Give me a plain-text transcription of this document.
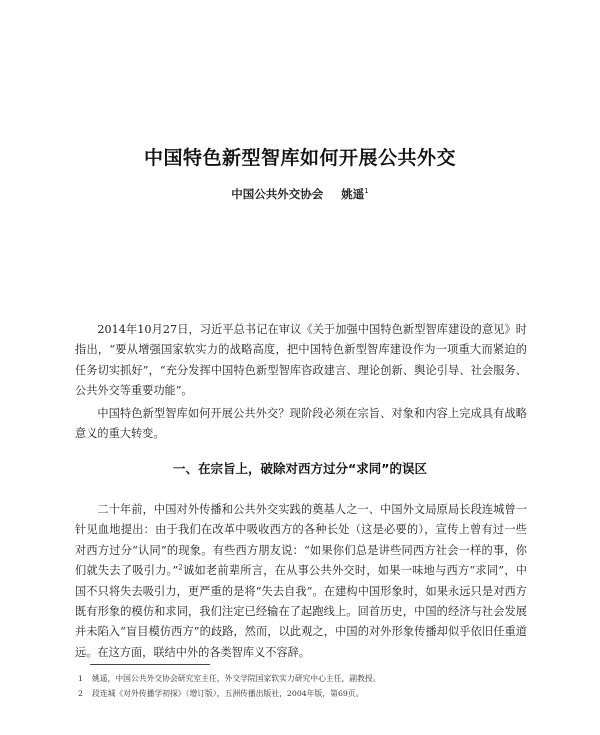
中国特色新型智库如何开展公共外交
中国公共外交协会 姚遥$^1$

2014年10月27日，习近平总书记在审议《关于加强中国特色新型智库建设的意见》时指出，“要从增强国家软实力的战略高度，把中国特色新型智库建设作为一项重大而紧迫的任务切实抓好”，“充分发挥中国特色新型智库咨政建言、理论创新、舆论引导、社会服务、公共外交等重要功能”。

中国特色新型智库如何开展公共外交？现阶段必须在宗旨、对象和内容上完成具有战略意义的重大转变。

一、在宗旨上，破除对西方过分“求同”的误区

二十年前，中国对外传播和公共外交实践的奠基人之一、中国外文局原局长段连城曾一针见血地提出：由于我们在改革中吸收西方的各种长处（这是必要的），宣传上曾有过一些对西方过分“认同”的现象。有些西方朋友说：“如果你们总是讲些同西方社会一样的事，你们就失去了吸引力。”$^2$诚如老前辈所言，在从事公共外交时，如果一味地与西方“求同”，中国不只将失去吸引力，更严重的是将“失去自我”。在建构中国形象时，如果永远只是对西方既有形象的模仿和求同，我们注定已经输在了起跑线上。回首历史，中国的经济与社会发展并未陷入“盲目模仿西方”的歧路，然而，以此观之，中国的对外形象传播却似乎依旧任重道远。在这方面，联结中外的各类智库义不容辞。

1 姚遥，中国公共外交协会研究室主任，外交学院国家软实力研究中心主任，副教授。
2 段连城《对外传播学初探》（增订版），五洲传播出版社，2004年版，第69页。
